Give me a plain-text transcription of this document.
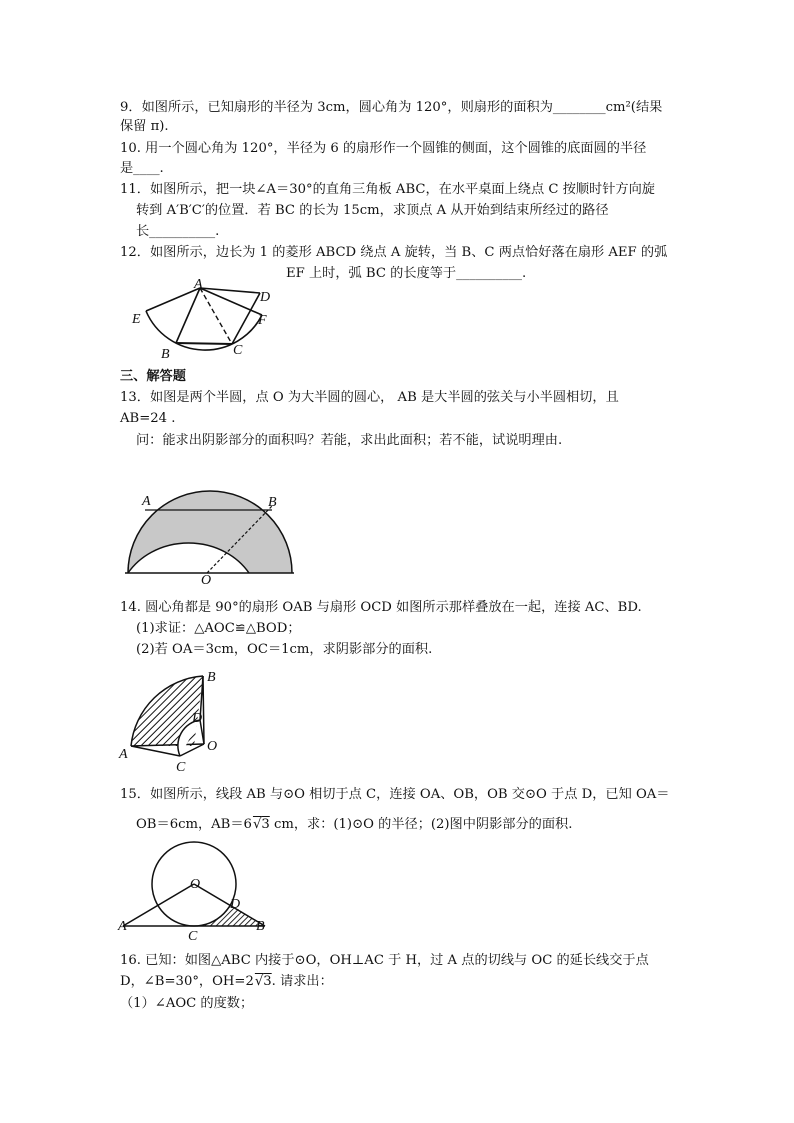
9．如图所示，已知扇形的半径为 3cm，圆心角为 120°，则扇形的面积为________cm²(结果
保留 π).
10. 用一个圆心角为 120°，半径为 6 的扇形作一个圆锥的侧面，这个圆锥的底面圆的半径
是____.
11．如图所示，把一块∠A＝30°的直角三角板 ABC，在水平桌面上绕点 C 按顺时针方向旋
转到 A′B′C′的位置．若 BC 的长为 15cm，求顶点 A 从开始到结束所经过的路径
长__________.
12．如图所示，边长为 1 的菱形 ABCD 绕点 A 旋转，当 B、C 两点恰好落在扇形 AEF 的弧
EF 上时，弧 BC 的长度等于__________.
A
D
E	F
B	C
三、解答题
13．如图是两个半圆，点 O 为大半圆的圆心， AB 是大半圆的弦关与小半圆相切，且
AB=24 .
问：能求出阴影部分的面积吗？若能，求出此面积；若不能，试说明理由.
A	B
O
14. 圆心角都是 90°的扇形 OAB 与扇形 OCD 如图所示那样叠放在一起，连接 AC、BD.
(1)求证：△AOC≌△BOD；
(2)若 OA＝3cm，OC＝1cm，求阴影部分的面积.
B
D
O
A
C
15．如图所示，线段 AB 与⊙O 相切于点 C，连接 OA、OB，OB 交⊙O 于点 D，已知 OA＝
OB＝6cm，AB＝6√3 cm，求：(1)⊙O 的半径；(2)图中阴影部分的面积.
O
D
A	B
C
16. 已知：如图△ABC 内接于⊙O，OH⊥AC 于 H，过 A 点的切线与 OC 的延长线交于点
D，∠B=30°，OH=2√3. 请求出：
（1）∠AOC 的度数；
